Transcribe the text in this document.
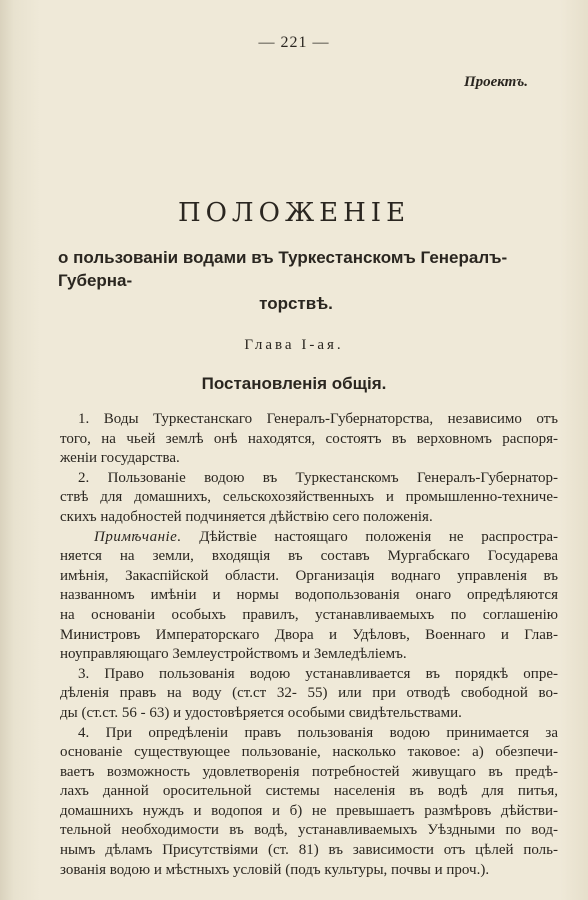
— 221 —
Проектъ.
ПОЛОЖЕНIЕ
о пользованiи водами въ Туркестанскомъ Генералъ-Губерна-
торствѣ.
Глава I-ая.
Постановленiя общiя.
1. Воды Туркестанскаго Генералъ-Губернаторства, независимо отъ
того, на чьей землѣ онѣ находятся, состоятъ въ верховномъ распоря-
женiи государства.
2. Пользованiе водою въ Туркестанскомъ Генералъ-Губернатор-
ствѣ для домашнихъ, сельскохозяйственныхъ и промышленно-техниче-
скихъ надобностей подчиняется дѣйствiю сего положенiя.
Примѣчанiе. Дѣйствiе настоящаго положенiя не распростра-
няется на земли, входящiя въ составъ Мургабскаго Государева
имѣнiя, Закаспiйской области. Организацiя воднаго управленiя въ
названномъ имѣнiи и нормы водопользованiя онаго опредѣляются
на основанiи особыхъ правилъ, устанавливаемыхъ по соглашенiю
Министровъ Императорскаго Двора и Удѣловъ, Военнаго и Глав-
ноуправляющаго Землеустройствомъ и Земледѣлiемъ.
3. Право пользованiя водою устанавливается въ порядкѣ опре-
дѣленiя правъ на воду (ст.ст 32- 55) или при отводѣ свободной во-
ды (ст.ст. 56 - 63) и удостовѣряется особыми свидѣтельствами.
4. При опредѣленiи правъ пользованiя водою принимается за
основанiе существующее пользованiе, насколько таковое: а) обезпечи-
ваетъ возможность удовлетворенiя потребностей живущаго въ предѣ-
лахъ данной оросительной системы населенiя въ водѣ для питья,
домашнихъ нуждъ и водопоя и б) не превышаетъ размѣровъ дѣйстви-
тельной необходимости въ водѣ, устанавливаемыхъ Уѣздными по вод-
нымъ дѣламъ Присутствiями (ст. 81) въ зависимости отъ цѣлей поль-
зованiя водою и мѣстныхъ условiй (подъ культуры, почвы и проч.).
